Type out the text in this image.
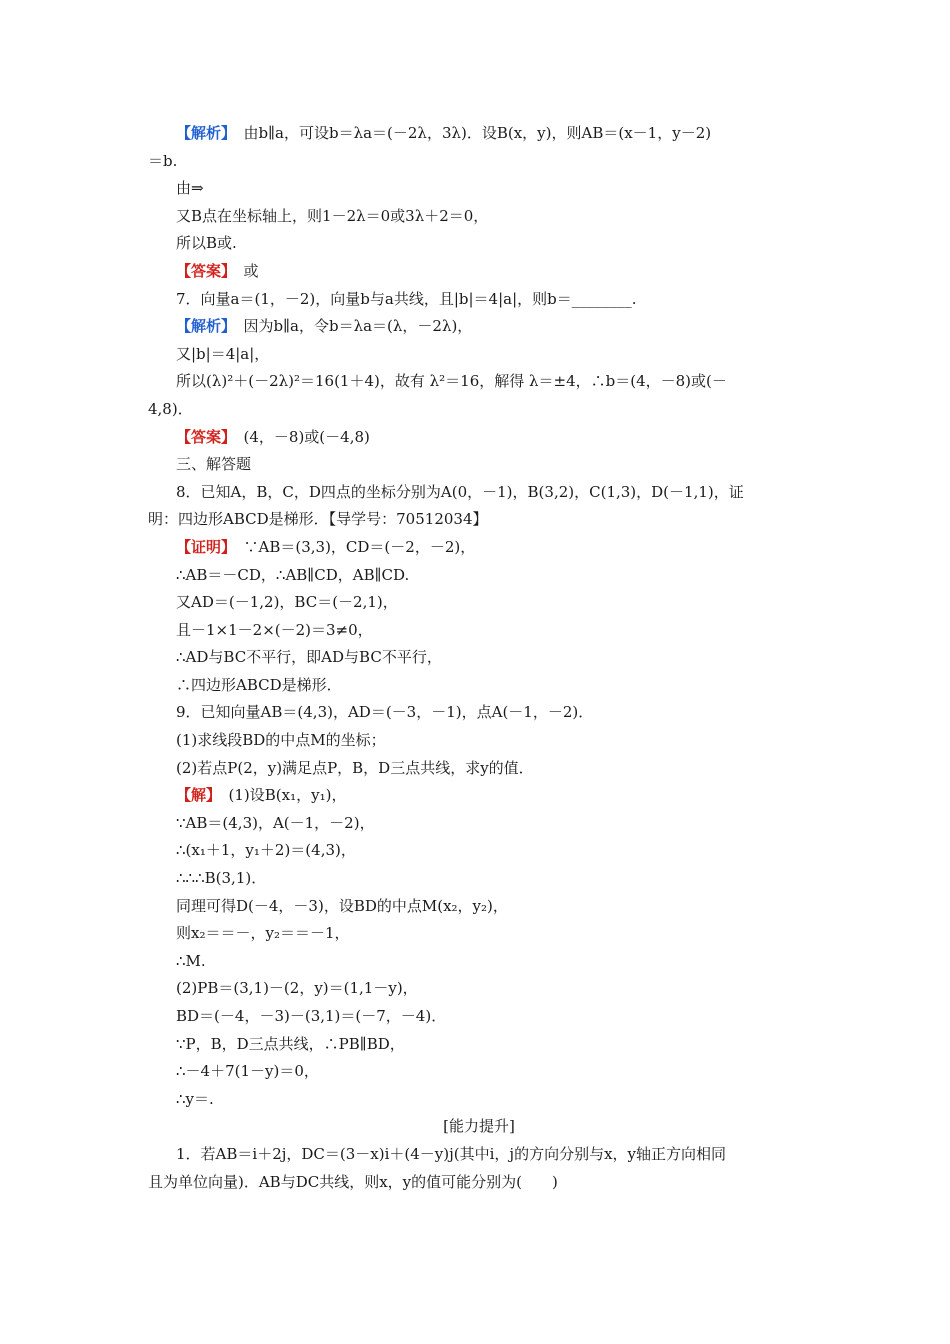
【解析】　由b∥a，可设b＝λa＝(－2λ，3λ)．设B(x，y)，则AB＝(x－1，y－2)
＝b.
由⇒
又B点在坐标轴上，则1－2λ＝0或3λ＋2＝0，
所以B或.
【答案】　或
7．向量a＝(1，－2)，向量b与a共线，且|b|＝4|a|，则b＝________.
【解析】　因为b∥a，令b＝λa＝(λ，－2λ)，
又|b|＝4|a|，
所以(λ)²＋(－2λ)²＝16(1＋4)，故有 λ²＝16，解得 λ＝±4，∴b＝(4，－8)或(－
4,8)．
【答案】　(4，－8)或(－4,8)
三、解答题
8．已知A，B，C，D四点的坐标分别为A(0，－1)，B(3,2)，C(1,3)，D(－1,1)，证
明：四边形ABCD是梯形．【导学号：70512034】
【证明】　∵AB＝(3,3)，CD＝(－2，－2)，
∴AB＝－CD，∴AB∥CD，AB∥CD.
又AD＝(－1,2)，BC＝(－2,1)，
且－1×1－2×(－2)＝3≠0，
∴AD与BC不平行，即AD与BC不平行，
∴四边形ABCD是梯形．
9．已知向量AB＝(4,3)，AD＝(－3，－1)，点A(－1，－2)．
(1)求线段BD的中点M的坐标；
(2)若点P(2，y)满足点P，B，D三点共线，求y的值．
【解】　(1)设B(x₁，y₁)，
∵AB＝(4,3)，A(－1，－2)，
∴(x₁＋1，y₁＋2)＝(4,3)，
∴∴∴B(3,1)．
同理可得D(－4，－3)，设BD的中点M(x₂，y₂)，
则x₂＝＝－，y₂＝＝－1，
∴M.
(2)PB＝(3,1)－(2，y)＝(1,1－y)，
BD＝(－4，－3)－(3,1)＝(－7，－4)．
∵P，B，D三点共线，∴PB∥BD，
∴－4＋7(1－y)＝0，
∴y＝.
[能力提升]
1．若AB＝i＋2j，DC＝(3－x)i＋(4－y)j(其中i，j的方向分别与x，y轴正方向相同
且为单位向量)．AB与DC共线，则x，y的值可能分别为(　　)
